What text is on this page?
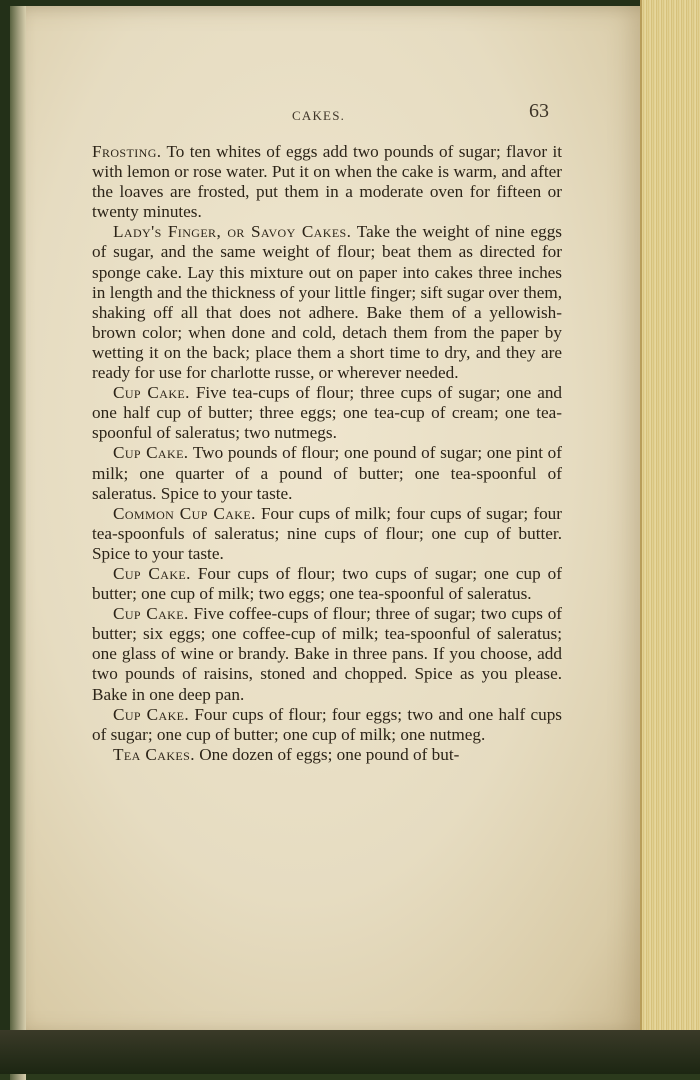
CAKES.	63

Frosting. To ten whites of eggs add two pounds of sugar; flavor it with lemon or rose water. Put it on when the cake is warm, and after the loaves are frosted, put them in a moderate oven for fifteen or twenty minutes.

Lady's Finger, or Savoy Cakes. Take the weight of nine eggs of sugar, and the same weight of flour; beat them as directed for sponge cake. Lay this mixture out on paper into cakes three inches in length and the thickness of your little finger; sift sugar over them, shaking off all that does not adhere. Bake them of a yellowish-brown color; when done and cold, detach them from the paper by wetting it on the back; place them a short time to dry, and they are ready for use for charlotte russe, or wherever needed.

Cup Cake. Five tea-cups of flour; three cups of sugar; one and one half cup of butter; three eggs; one tea-cup of cream; one tea-spoonful of saleratus; two nutmegs.

Cup Cake. Two pounds of flour; one pound of sugar; one pint of milk; one quarter of a pound of butter; one tea-spoonful of saleratus. Spice to your taste.

Common Cup Cake. Four cups of milk; four cups of sugar; four tea-spoonfuls of saleratus; nine cups of flour; one cup of butter. Spice to your taste.

Cup Cake. Four cups of flour; two cups of sugar; one cup of butter; one cup of milk; two eggs; one tea-spoonful of saleratus.

Cup Cake. Five coffee-cups of flour; three of sugar; two cups of butter; six eggs; one coffee-cup of milk; tea-spoonful of saleratus; one glass of wine or brandy. Bake in three pans. If you choose, add two pounds of raisins, stoned and chopped. Spice as you please. Bake in one deep pan.

Cup Cake. Four cups of flour; four eggs; two and one half cups of sugar; one cup of butter; one cup of milk; one nutmeg.

Tea Cakes. One dozen of eggs; one pound of but-
